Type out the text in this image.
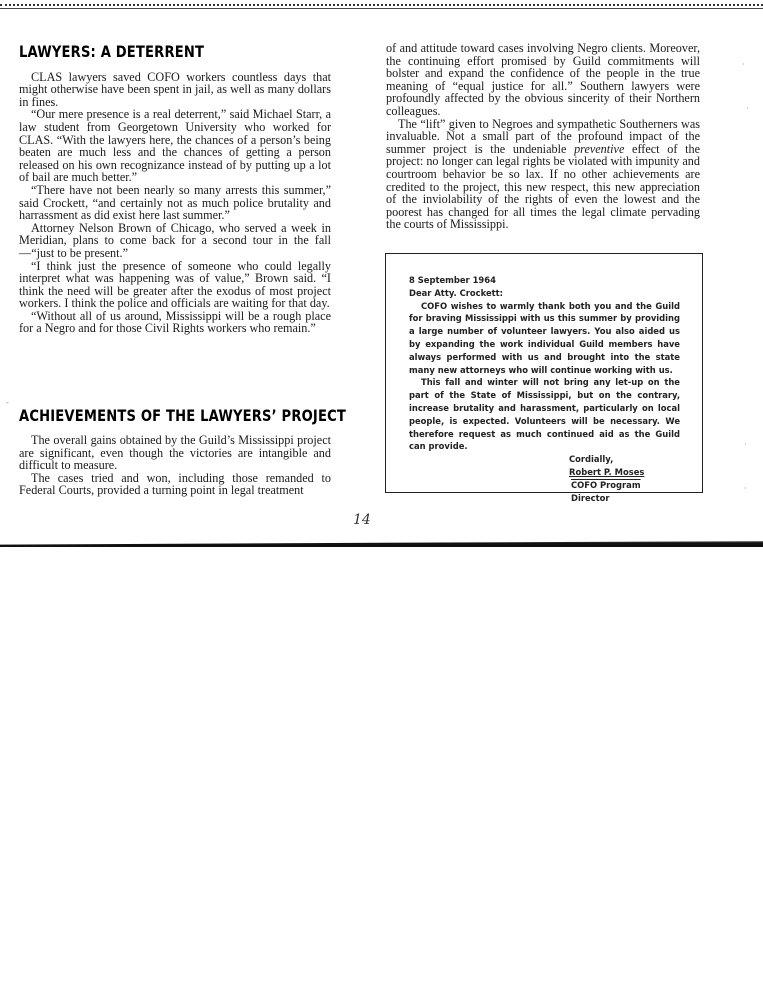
LAWYERS: A DETERRENT

CLAS lawyers saved COFO workers countless days that might otherwise have been spent in jail, as well as many dollars in fines.

“Our mere presence is a real deterrent,” said Michael Starr, a law student from Georgetown University who worked for CLAS. “With the lawyers here, the chances of a person’s being beaten are much less and the chances of getting a person released on his own recognizance instead of by putting up a lot of bail are much better.”

“There have not been nearly so many arrests this summer,” said Crockett, “and certainly not as much police brutality and harrassment as did exist here last summer.”

Attorney Nelson Brown of Chicago, who served a week in Meridian, plans to come back for a second tour in the fall—“just to be present.”

“I think just the presence of someone who could legally interpret what was happening was of value,” Brown said. “I think the need will be greater after the exodus of most project workers. I think the police and officials are waiting for that day.

“Without all of us around, Mississippi will be a rough place for a Negro and for those Civil Rights workers who remain.”

ACHIEVEMENTS OF THE LAWYERS’ PROJECT

The overall gains obtained by the Guild’s Mississippi project are significant, even though the victories are intangible and difficult to measure.

The cases tried and won, including those remanded to Federal Courts, provided a turning point in legal treatment

of and attitude toward cases involving Negro clients. Moreover, the continuing effort promised by Guild commitments will bolster and expand the confidence of the people in the true meaning of “equal justice for all.” Southern lawyers were profoundly affected by the obvious sincerity of their Northern colleagues.

The “lift” given to Negroes and sympathetic Southerners was invaluable. Not a small part of the profound impact of the summer project is the undeniable preventive effect of the project: no longer can legal rights be violated with impunity and courtroom behavior be so lax. If no other achievements are credited to the project, this new respect, this new appreciation of the inviolability of the rights of even the lowest and the poorest has changed for all times the legal climate pervading the courts of Mississippi.

8 September 1964
Dear Atty. Crockett:
COFO wishes to warmly thank both you and the Guild for braving Mississippi with us this summer by providing a large number of volunteer lawyers. You also aided us by expanding the work individual Guild members have always performed with us and brought into the state many new attorneys who will continue working with us.
This fall and winter will not bring any let-up on the part of the State of Mississippi, but on the contrary, increase brutality and harassment, particularly on local people, is expected. Volunteers will be necessary. We therefore request as much continued aid as the Guild can provide.
Cordially,
Robert P. Moses
COFO Program Director
14
·
·
·
·
-
